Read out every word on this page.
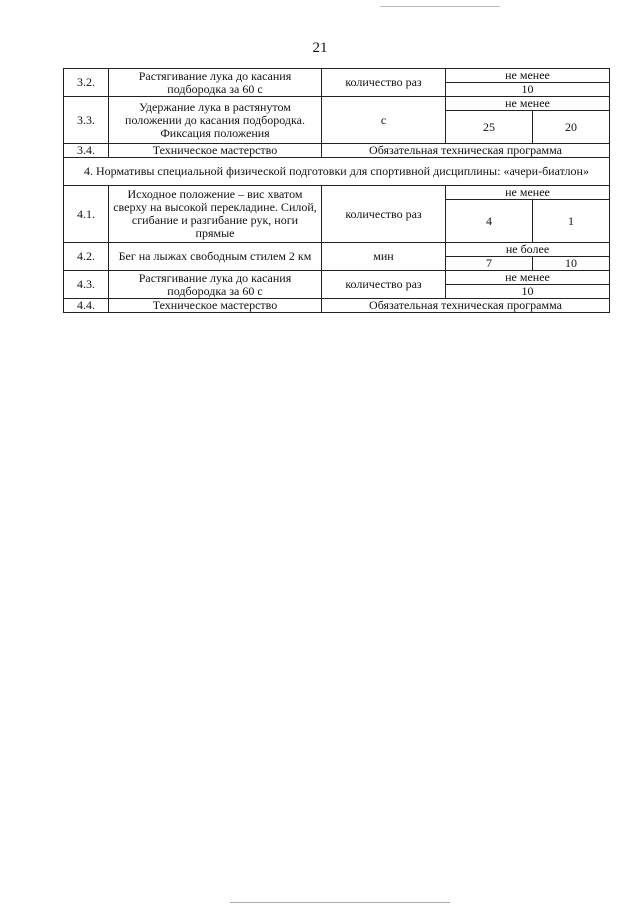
21
3.2.	Растягивание лука до касания подбородка за 60 с	количество раз	не менее	
			10	
3.3.	Удержание лука в растянутом положении до касания подбородка. Фиксация положения	с	не менее	
			25	20
3.4.	Техническое мастерство	Обязательная техническая программа		
4. Нормативы специальной физической подготовки для спортивной дисциплины: «ачери-биатлон»				
4.1.	Исходное положение – вис хватом сверху на высокой перекладине. Силой, сгибание и разгибание рук, ноги прямые	количество раз	не менее	
			4	1
4.2.	Бег на лыжах свободным стилем 2 км	мин	не более	
			7	10
4.3.	Растягивание лука до касания подбородка за 60 с	количество раз	не менее	
			10	
4.4.	Техническое мастерство	Обязательная техническая программа		
